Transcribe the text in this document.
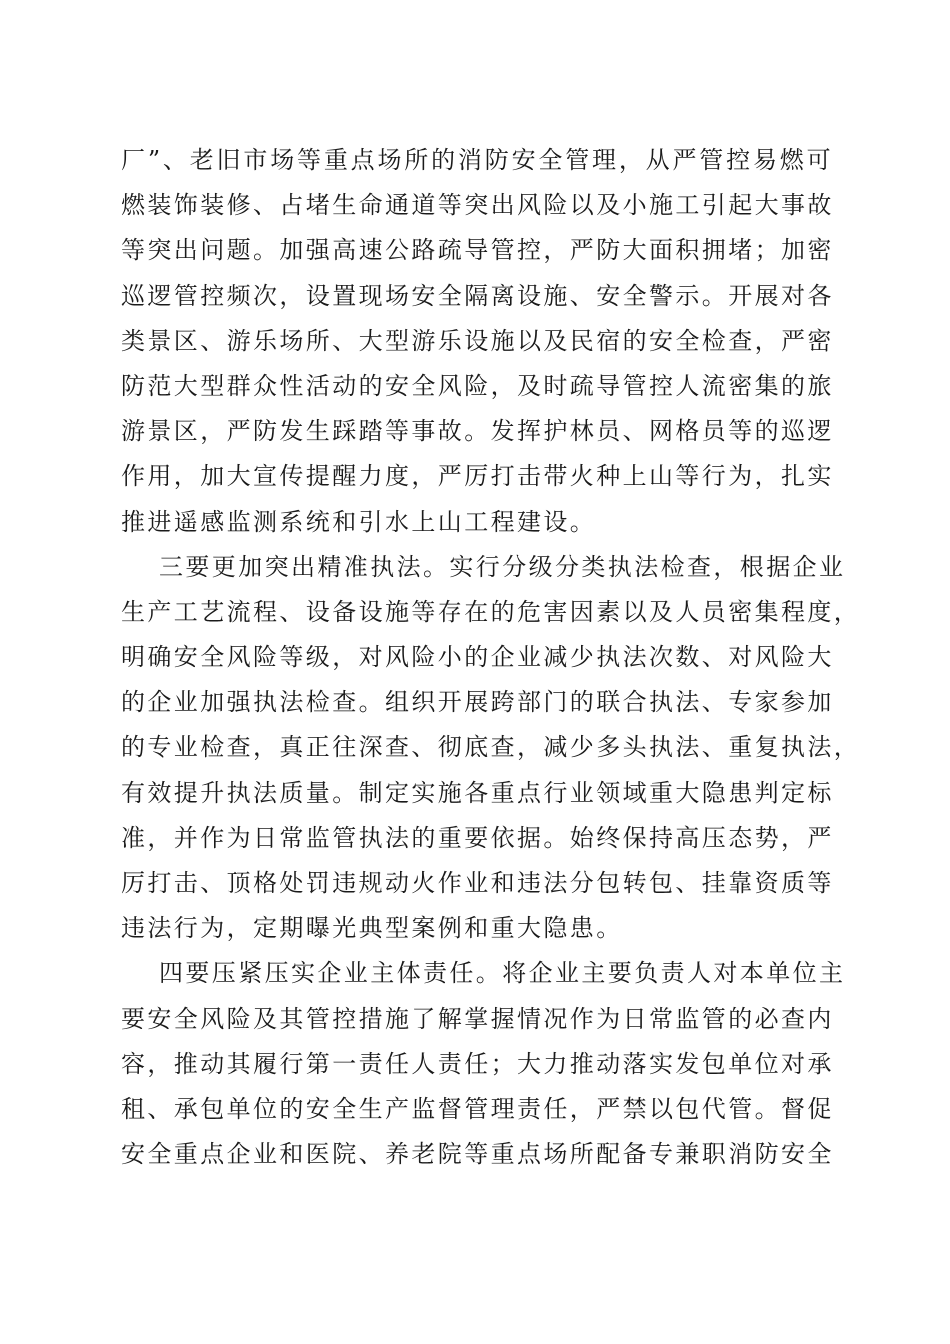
厂”、老旧市场等重点场所的消防安全管理，从严管控易燃可
燃装饰装修、占堵生命通道等突出风险以及小施工引起大事故
等突出问题。加强高速公路疏导管控，严防大面积拥堵；加密
巡逻管控频次，设置现场安全隔离设施、安全警示。开展对各
类景区、游乐场所、大型游乐设施以及民宿的安全检查，严密
防范大型群众性活动的安全风险，及时疏导管控人流密集的旅
游景区，严防发生踩踏等事故。发挥护林员、网格员等的巡逻
作用，加大宣传提醒力度，严厉打击带火种上山等行为，扎实
推进遥感监测系统和引水上山工程建设。
三要更加突出精准执法。实行分级分类执法检查，根据企业
生产工艺流程、设备设施等存在的危害因素以及人员密集程度，
明确安全风险等级，对风险小的企业减少执法次数、对风险大
的企业加强执法检查。组织开展跨部门的联合执法、专家参加
的专业检查，真正往深查、彻底查，减少多头执法、重复执法，
有效提升执法质量。制定实施各重点行业领域重大隐患判定标
准，并作为日常监管执法的重要依据。始终保持高压态势，严
厉打击、顶格处罚违规动火作业和违法分包转包、挂靠资质等
违法行为，定期曝光典型案例和重大隐患。
四要压紧压实企业主体责任。将企业主要负责人对本单位主
要安全风险及其管控措施了解掌握情况作为日常监管的必查内
容，推动其履行第一责任人责任；大力推动落实发包单位对承
租、承包单位的安全生产监督管理责任，严禁以包代管。督促
安全重点企业和医院、养老院等重点场所配备专兼职消防安全
